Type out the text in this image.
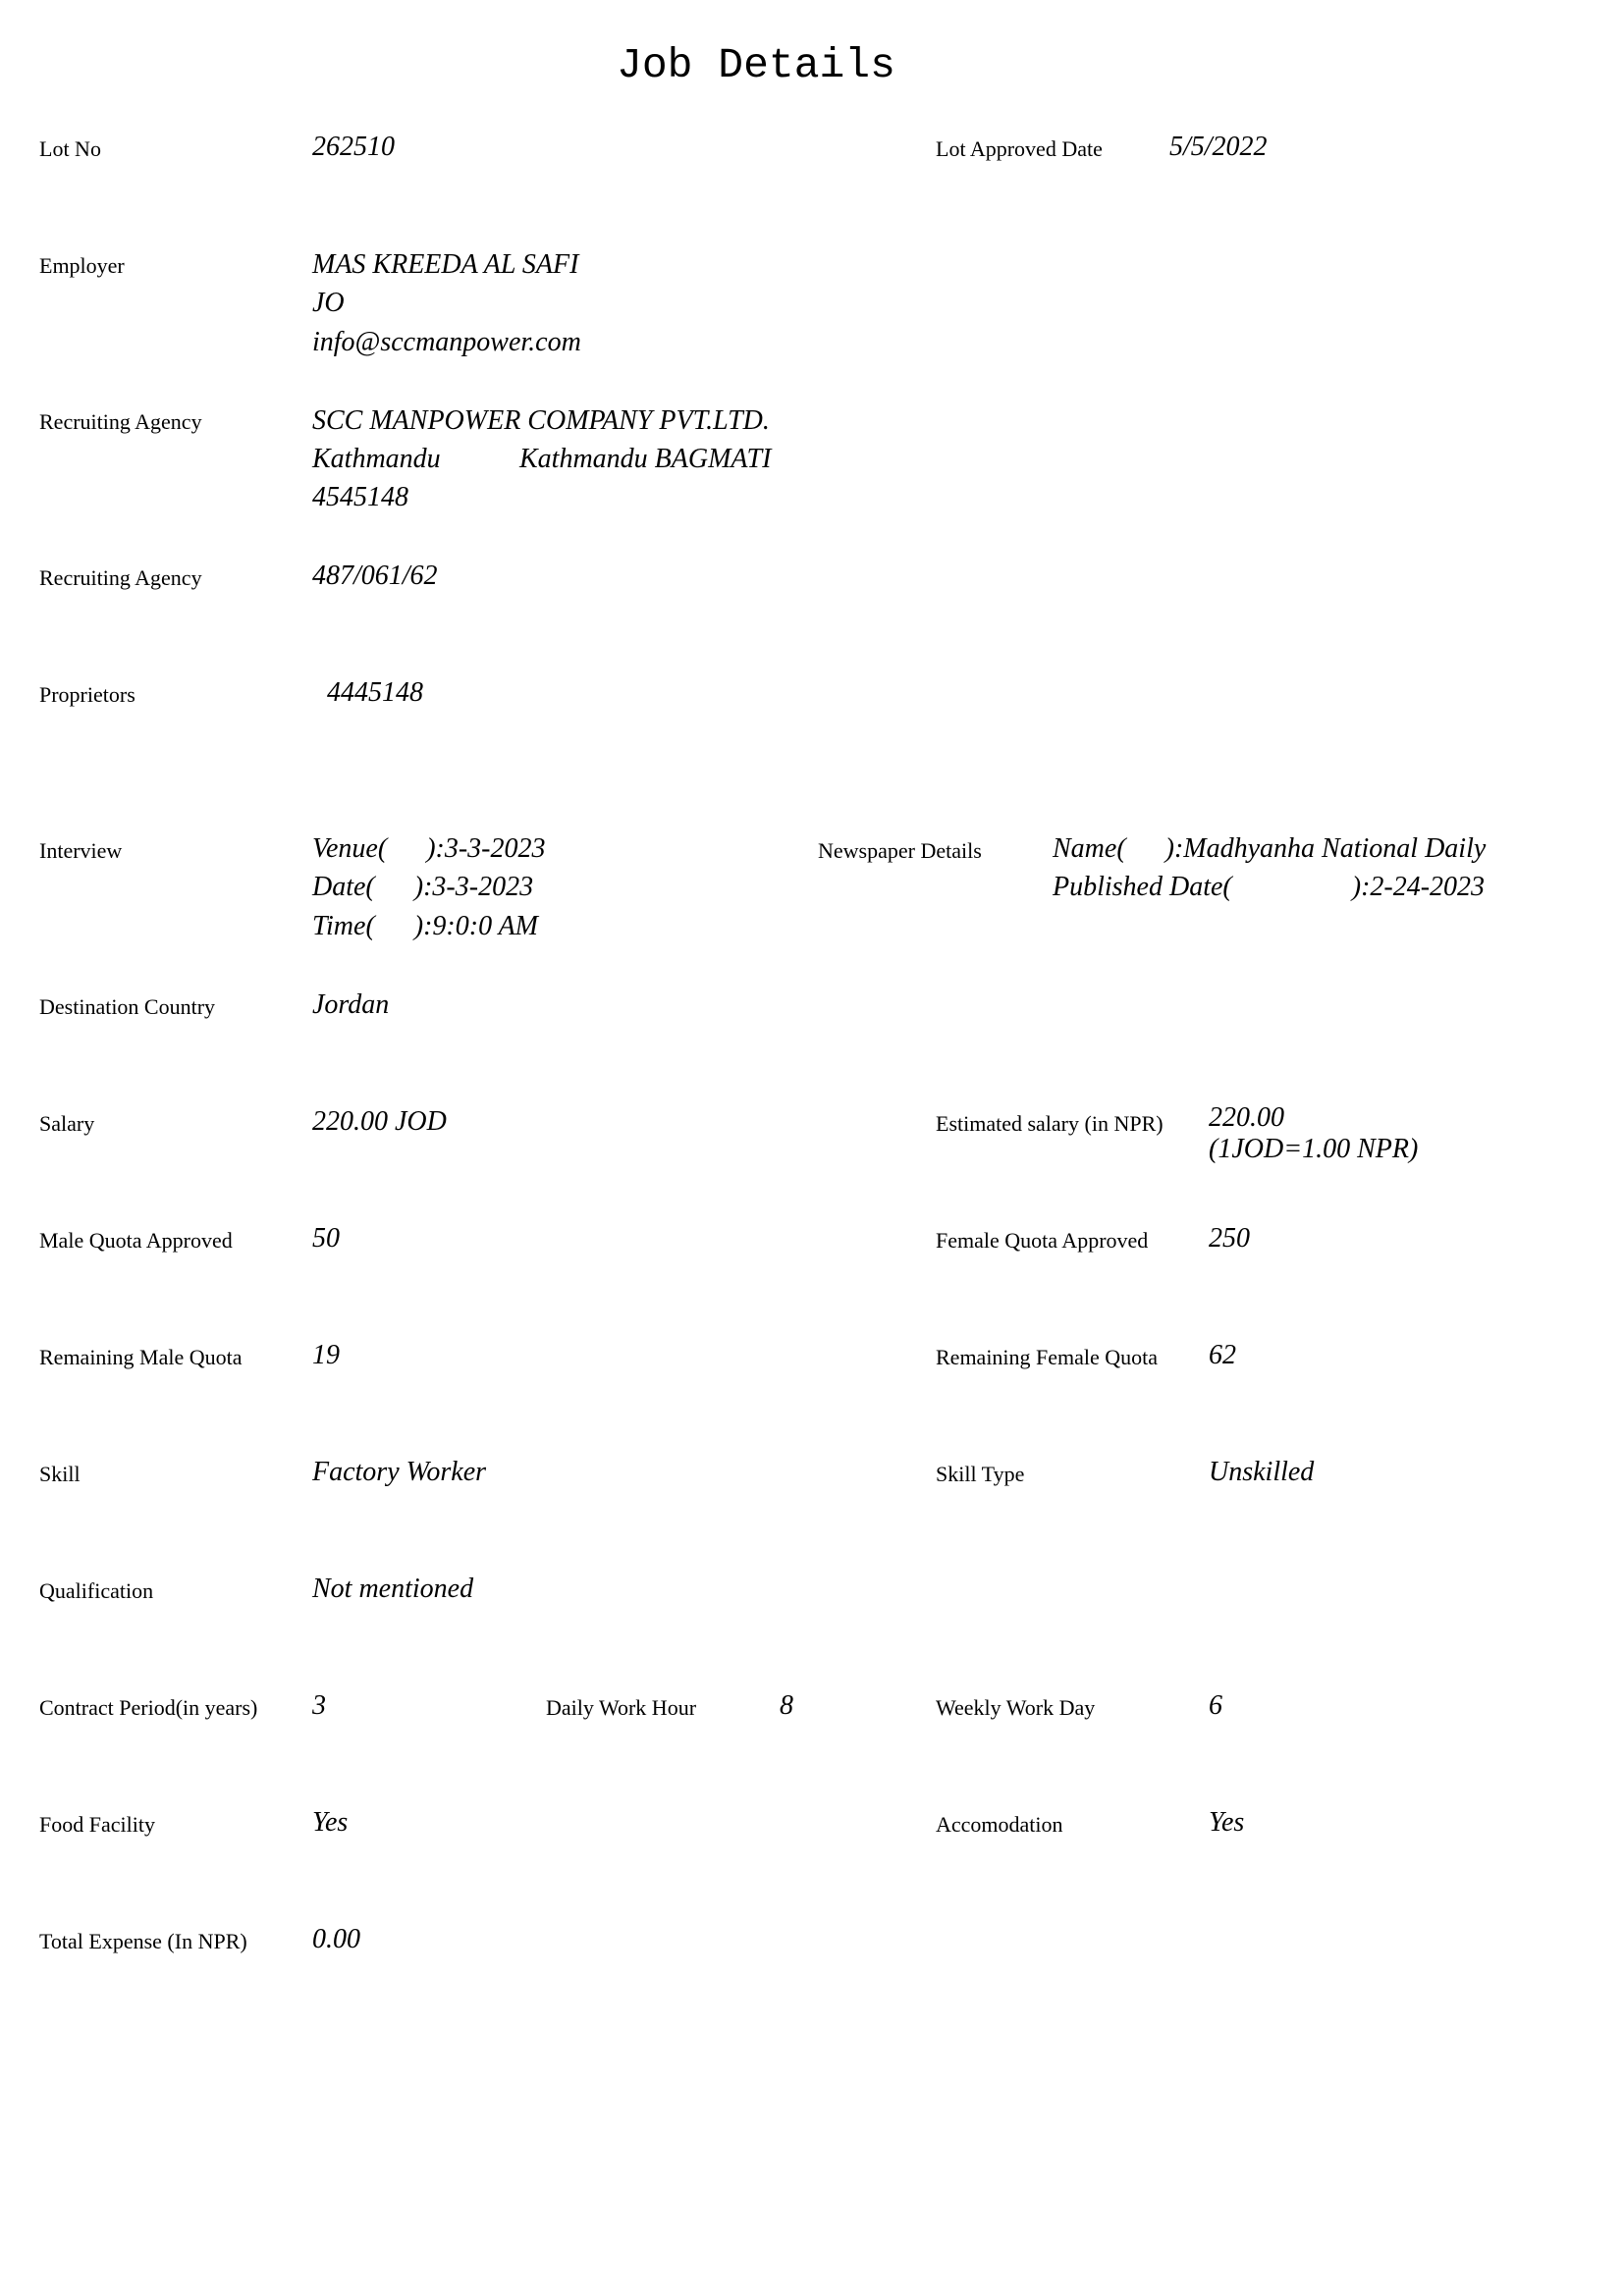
Job Details
Lot No	262510	Lot Approved Date 5/5/2022
Employer	MAS KREEDA AL SAFI
JO
info@sccmanpower.com
Recruiting Agency	SCC MANPOWER COMPANY PVT.LTD.
Kathmandu	Kathmandu BAGMATI
4545148
Recruiting Agency	487/061/62
Proprietors	4445148
Interview	Venue( ):3-3-2023
Date( ):3-3-2023
Time( ):9:0:0 AM
Newspaper Details	Name( ):Madhyanha National Daily
Published Date(	):2-24-2023
Destination Country	Jordan
Salary	220.00 JOD	Estimated salary (in NPR) 220.00
(1JOD=1.00 NPR)
Male Quota Approved	50	Female Quota Approved 250
Remaining Male Quota	19	Remaining Female Quota 62
Skill	Factory Worker	Skill Type	Unskilled
Qualification	Not mentioned
Contract Period(in years) 3	Daily Work Hour	8	Weekly Work Day	6
Food Facility	Yes	Accomodation	Yes
Total Expense (In NPR) 0.00
